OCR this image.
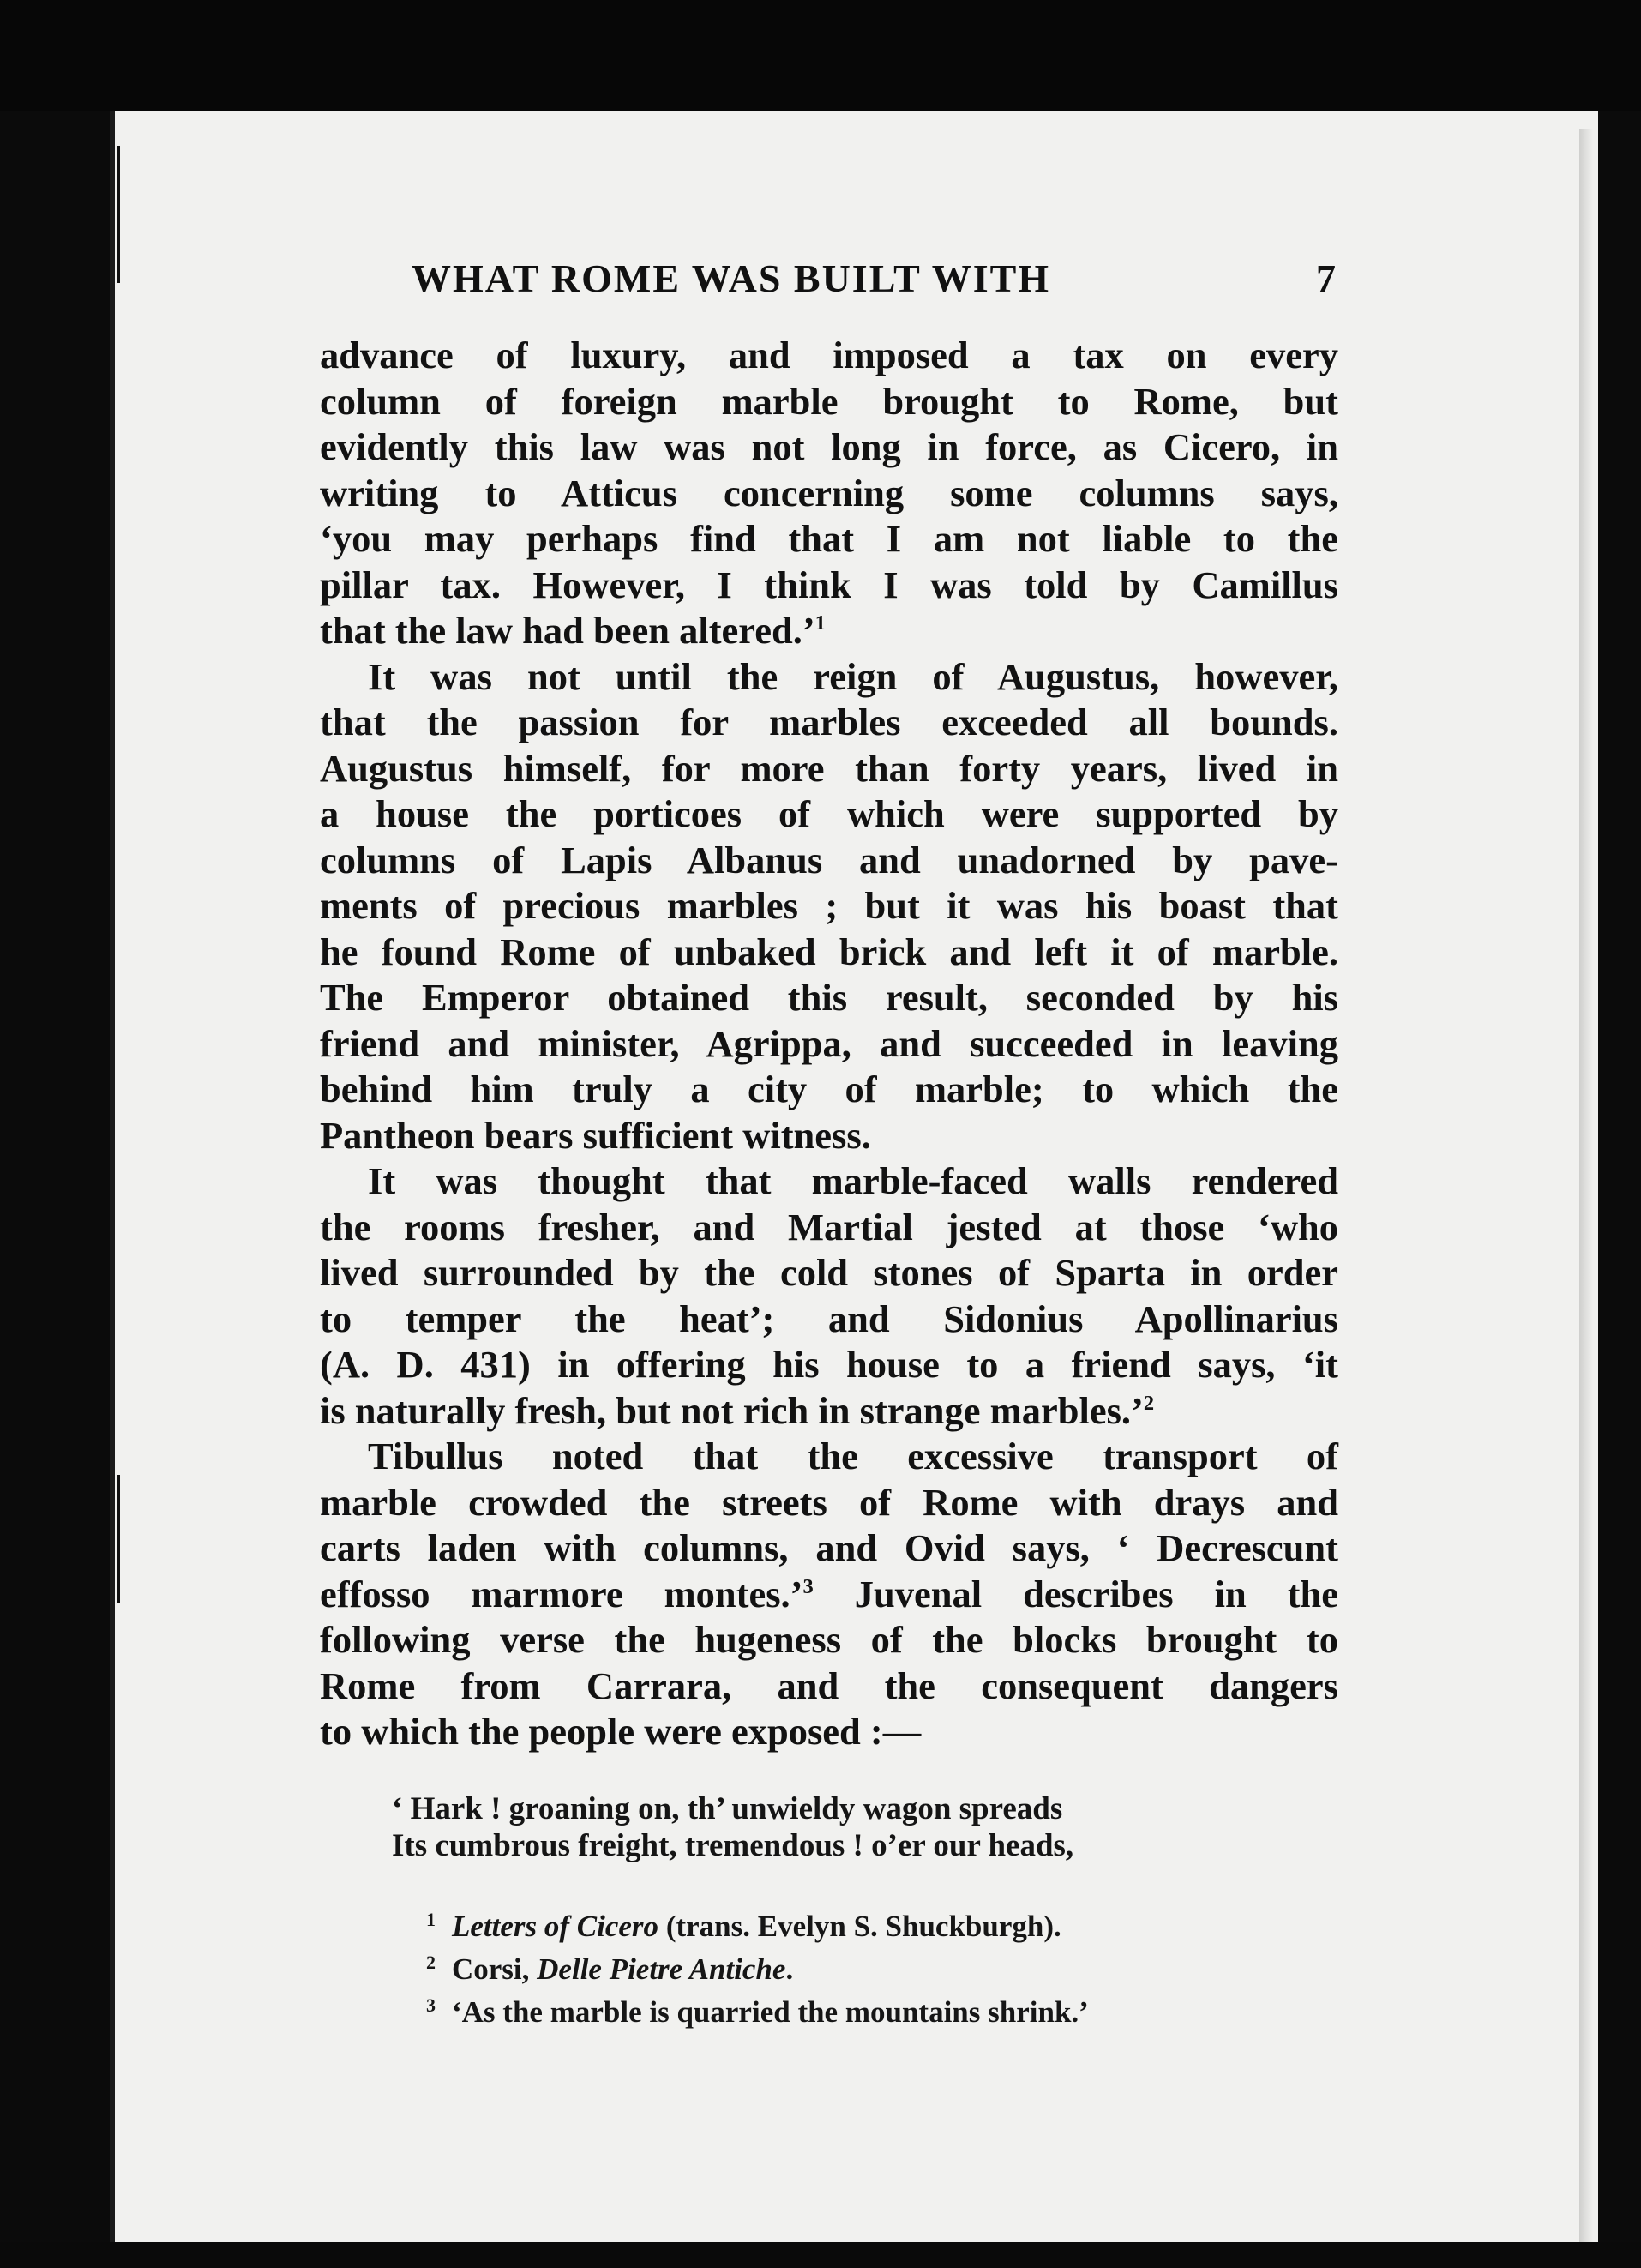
WHAT ROME WAS BUILT WITH	7
advance of luxury, and imposed a tax on every
column of foreign marble brought to Rome, but
evidently this law was not long in force, as Cicero, in
writing to Atticus concerning some columns says,
‘you may perhaps find that I am not liable to the
pillar tax. However, I think I was told by Camillus
that the law had been altered.’$^1$
It was not until the reign of Augustus, however,
that the passion for marbles exceeded all bounds.
Augustus himself, for more than forty years, lived in
a house the porticoes of which were supported by
columns of Lapis Albanus and unadorned by pave-
ments of precious marbles ; but it was his boast that
he found Rome of unbaked brick and left it of marble.
The Emperor obtained this result, seconded by his
friend and minister, Agrippa, and succeeded in leaving
behind him truly a city of marble; to which the
Pantheon bears sufficient witness.
It was thought that marble-faced walls rendered
the rooms fresher, and Martial jested at those ‘who
lived surrounded by the cold stones of Sparta in order
to temper the heat’; and Sidonius Apollinarius
(A. D. 431) in offering his house to a friend says, ‘it
is naturally fresh, but not rich in strange marbles.’$^2$
Tibullus noted that the excessive transport of
marble crowded the streets of Rome with drays and
carts laden with columns, and Ovid says, ‘ Decrescunt
effosso marmore montes.’$^3$ Juvenal describes in the
following verse the hugeness of the blocks brought to
Rome from Carrara, and the consequent dangers
to which the people were exposed :—
‘ Hark ! groaning on, th’ unwieldy wagon spreads
Its cumbrous freight, tremendous ! o’er our heads,
1 Letters of Cicero (trans. Evelyn S. Shuckburgh).
2 Corsi, Delle Pietre Antiche.
3 ‘As the marble is quarried the mountains shrink.’
